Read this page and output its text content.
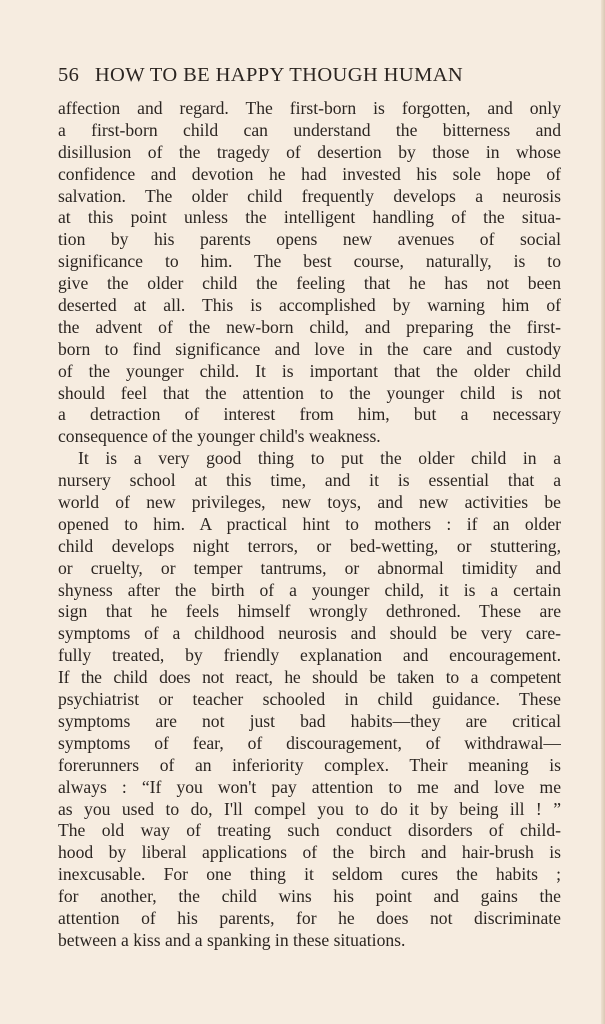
56 HOW TO BE HAPPY THOUGH HUMAN
affection and regard. The first-born is forgotten, and only
a first-born child can understand the bitterness and
disillusion of the tragedy of desertion by those in whose
confidence and devotion he had invested his sole hope of
salvation. The older child frequently develops a neurosis
at this point unless the intelligent handling of the situa-
tion by his parents opens new avenues of social
significance to him. The best course, naturally, is to
give the older child the feeling that he has not been
deserted at all. This is accomplished by warning him of
the advent of the new-born child, and preparing the first-
born to find significance and love in the care and custody
of the younger child. It is important that the older child
should feel that the attention to the younger child is not
a detraction of interest from him, but a necessary
consequence of the younger child's weakness.
It is a very good thing to put the older child in a
nursery school at this time, and it is essential that a
world of new privileges, new toys, and new activities be
opened to him. A practical hint to mothers : if an older
child develops night terrors, or bed-wetting, or stuttering,
or cruelty, or temper tantrums, or abnormal timidity and
shyness after the birth of a younger child, it is a certain
sign that he feels himself wrongly dethroned. These are
symptoms of a childhood neurosis and should be very care-
fully treated, by friendly explanation and encouragement.
If the child does not react, he should be taken to a competent
psychiatrist or teacher schooled in child guidance. These
symptoms are not just bad habits—they are critical
symptoms of fear, of discouragement, of withdrawal—
forerunners of an inferiority complex. Their meaning is
always : “If you won't pay attention to me and love me
as you used to do, I'll compel you to do it by being ill ! ”
The old way of treating such conduct disorders of child-
hood by liberal applications of the birch and hair-brush is
inexcusable. For one thing it seldom cures the habits ;
for another, the child wins his point and gains the
attention of his parents, for he does not discriminate
between a kiss and a spanking in these situations.
